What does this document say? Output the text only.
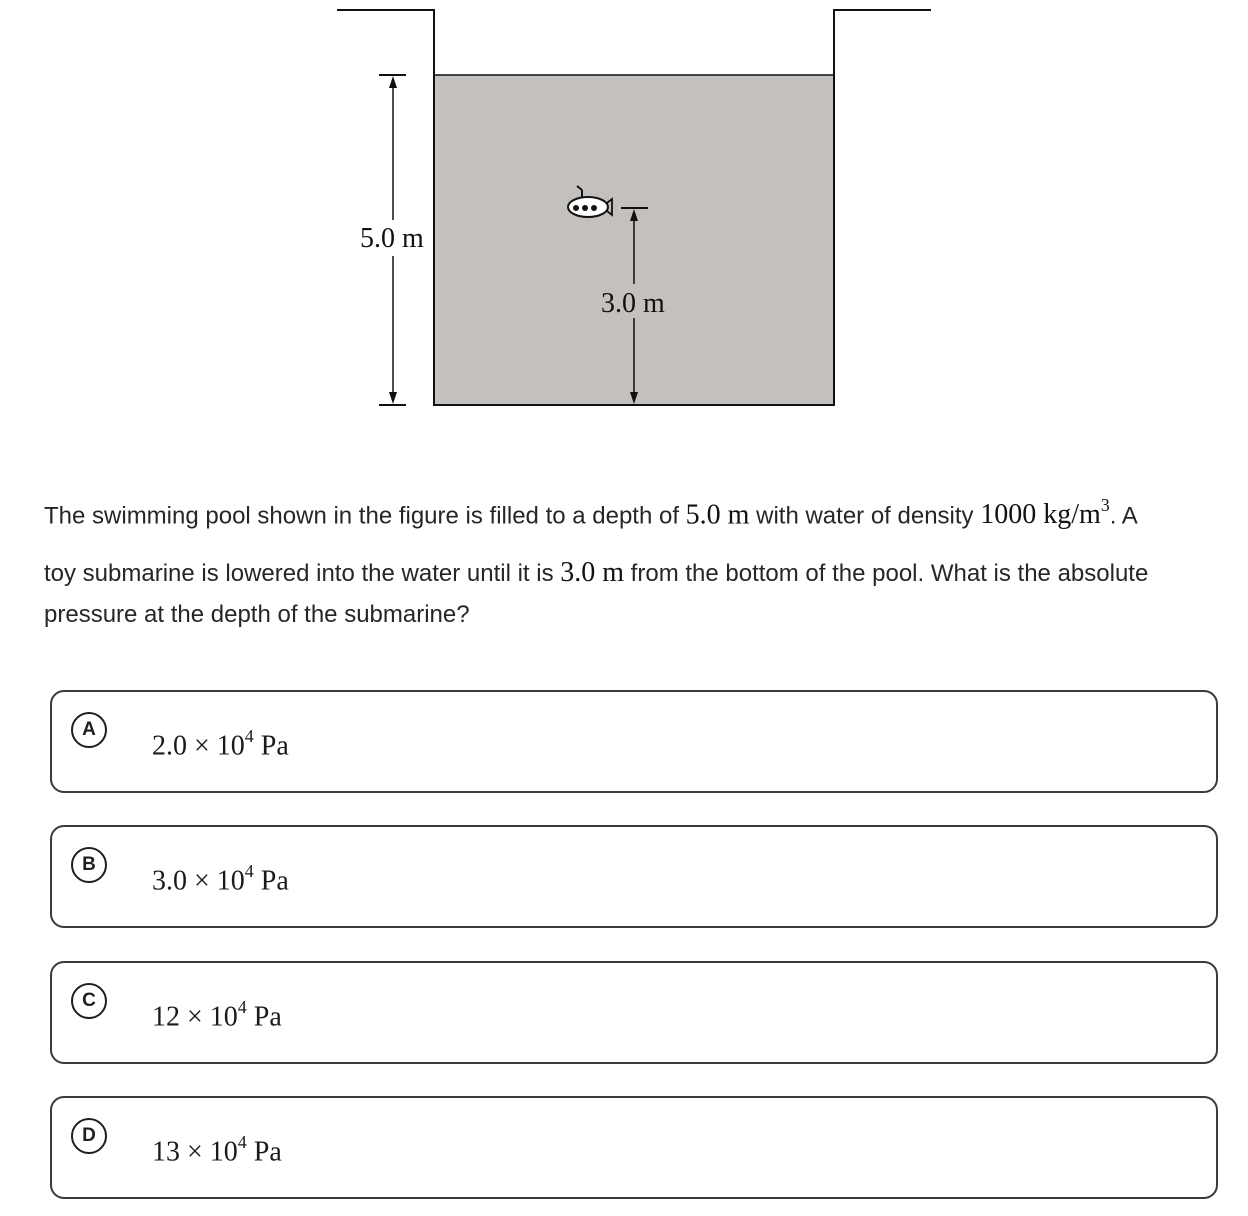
5.0 m
3.0 m
The swimming pool shown in the figure is filled to a depth of 5.0 m with water of density 1000 $kg/m^3$. A
toy submarine is lowered into the water until it is 3.0 m from the bottom of the pool. What is the absolute
pressure at the depth of the submarine?
A
$2.0 \times 10^4$ Pa
B
$3.0 \times 10^4$ Pa
C
$12 \times 10^4$ Pa
D
$13 \times 10^4$ Pa
